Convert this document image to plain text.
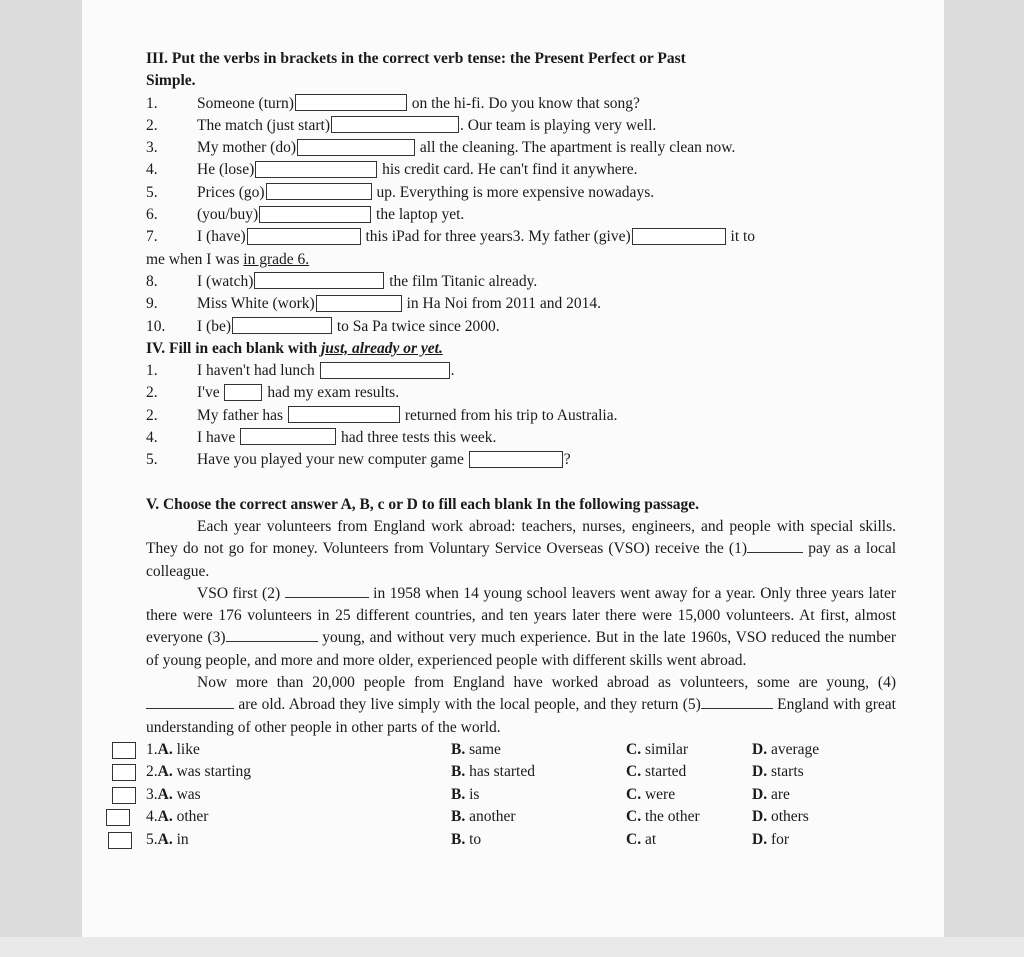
III. Put the verbs in brackets in the correct verb tense: the Present Perfect or Past
Simple.
1.	Someone (turn)	on the hi-fi. Do you know that song?
2.	The match (just start)	. Our team is playing very well.
3.	My mother (do)	all the cleaning. The apartment is really clean now.
4.	He (lose)	his credit card. He can't find it anywhere.
5.	Prices (go)	up. Everything is more expensive nowadays.
6.	(you/buy)	the laptop yet.
7.	I (have)	this iPad for three years3. My father (give)	it to
me when I was in grade 6.
8.	I (watch)	the film Titanic already.
9.	Miss White (work)	in Ha Noi from 2011 and 2014.
10. I (be)	to Sa Pa twice since 2000.
IV. Fill in each blank with just, already or yet.
1.	I haven't had lunch	.
2.	I've	had my exam results.
2.	My father has	returned from his trip to Australia.
4.	I have	had three tests this week.
5.	Have you played your new computer game	?
V. Choose the correct answer A, B, c or D to fill each blank In the following passage.

Each year volunteers from England work abroad: teachers, nurses, engineers, and people with special skills. They do not go for money. Volunteers from Voluntary Service Overseas (VSO) receive the (1)	pay as a local colleague.

VSO first (2)	in 1958 when 14 young school leavers went away for a year. Only three years later there were 176 volunteers in 25 different countries, and ten years later there were 15,000 volunteers. At first, almost everyone (3)	young, and without very much experience. But in the late 1960s, VSO reduced the number of young people, and more and more older, experienced people with different skills went abroad.

Now more than 20,000 people from England have worked abroad as volunteers, some are young, (4) are old. Abroad they live simply with the local people, and they return (5)	England with great understanding of other people in other parts of the world.

1.A. like	B. same	C. similar	D. average
2.A. was starting	B. has started	C. started	D. starts
3.A. was	B. is	C. were	D. are
4.A. other	B. another	C. the other	D. others
5.A. in	B. to	C. at	D. for
